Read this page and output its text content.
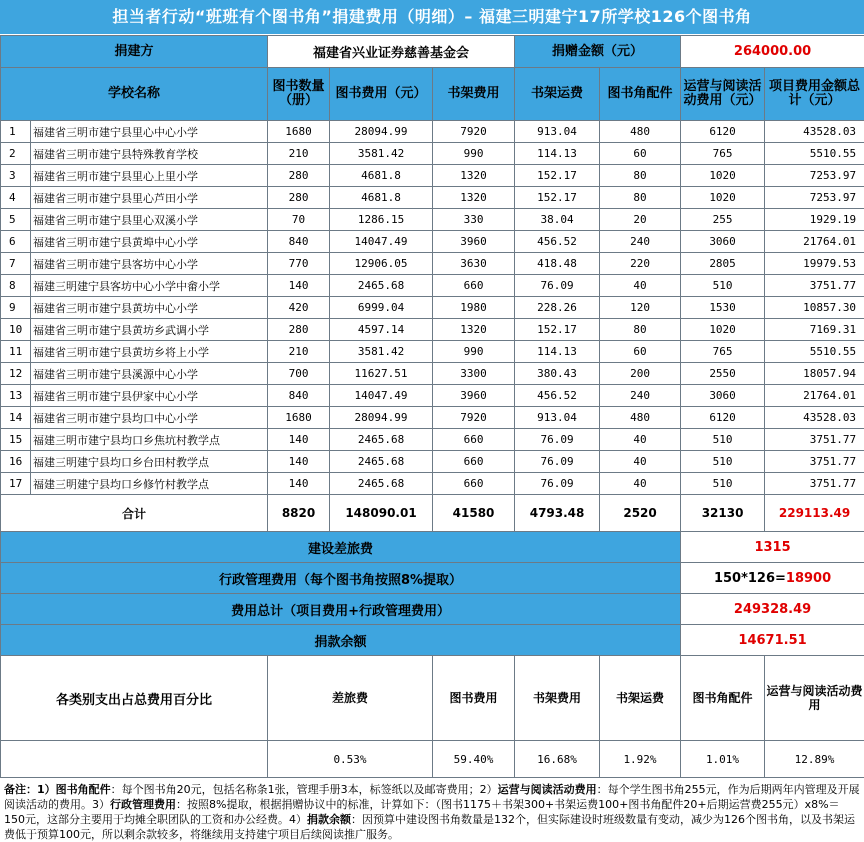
担当者行动“班班有个图书角”捐建费用（明细）– 福建三明建宁17所学校126个图书角
捐建方		福建省兴业证券慈善基金会			捐赠金额（元）		264000.00		
学校名称		图书数量（册）	图书费用（元）	书架费用	书架运费	图书角配件	运营与阅读活动费用（元）	项目费用金额总计（元）	
1	福建省三明市建宁县里心中心小学	1680	28094.99	7920	913.04	480	6120	43528.03	
2	福建省三明市建宁县特殊教育学校	210	3581.42	990	114.13	60	765	5510.55	
3	福建省三明市建宁县里心上里小学	280	4681.8	1320	152.17	80	1020	7253.97	
4	福建省三明市建宁县里心芦田小学	280	4681.8	1320	152.17	80	1020	7253.97	
5	福建省三明市建宁县里心双溪小学	70	1286.15	330	38.04	20	255	1929.19	
6	福建省三明市建宁县黄埠中心小学	840	14047.49	3960	456.52	240	3060	21764.01	
7	福建省三明市建宁县客坊中心小学	770	12906.05	3630	418.48	220	2805	19979.53	
8	福建三明建宁县客坊中心小学中畲小学	140	2465.68	660	76.09	40	510	3751.77	
9	福建省三明市建宁县黄坊中心小学	420	6999.04	1980	228.26	120	1530	10857.30	
10	福建省三明市建宁县黄坊乡武调小学	280	4597.14	1320	152.17	80	1020	7169.31	
11	福建省三明市建宁县黄坊乡将上小学	210	3581.42	990	114.13	60	765	5510.55	
12	福建省三明市建宁县溪源中心小学	700	11627.51	3300	380.43	200	2550	18057.94	
13	福建省三明市建宁县伊家中心小学	840	14047.49	3960	456.52	240	3060	21764.01	
14	福建省三明市建宁县均口中心小学	1680	28094.99	7920	913.04	480	6120	43528.03	
15	福建三明市建宁县均口乡焦坑村教学点	140	2465.68	660	76.09	40	510	3751.77	
16	福建三明建宁县均口乡台田村教学点	140	2465.68	660	76.09	40	510	3751.77	
17	福建三明建宁县均口乡修竹村教学点	140	2465.68	660	76.09	40	510	3751.77	
合计		8820	148090.01	41580	4793.48	2520	32130	229113.49	
建设差旅费							1315		
行政管理费用（每个图书角按照8%提取）							150*126=18900		
费用总计（项目费用+行政管理费用）							249328.49		
捐款余额							14671.51		
各类别支出占总费用百分比		差旅费		图书费用	书架费用	书架运费	图书角配件	运营与阅读活动费用	
	0.53%	59.40%	16.68%	1.92%	1.01%	12.89%	
备注：1）图书角配件：每个图书角20元，包括名称条1张，管理手册3本，标签纸以及邮寄费用；2）运营与阅读活动费用：每个学生图书角255元，作为后期两年内管理及开展阅读活动的费用。3）行政管理费用：按照8%提取，根据捐赠协议中的标准，计算如下：（图书1175＋书架300+书架运费100+图书角配件20+后期运营费255元）x8%＝150元，这部分主要用于均摊全职团队的工资和办公经费。4）捐款余额：因预算中建设图书角数量是132个，但实际建设时班级数量有变动，减少为126个图书角，以及书架运费低于预算100元，所以剩余款较多，将继续用支持建宁项目后续阅读推广服务。
